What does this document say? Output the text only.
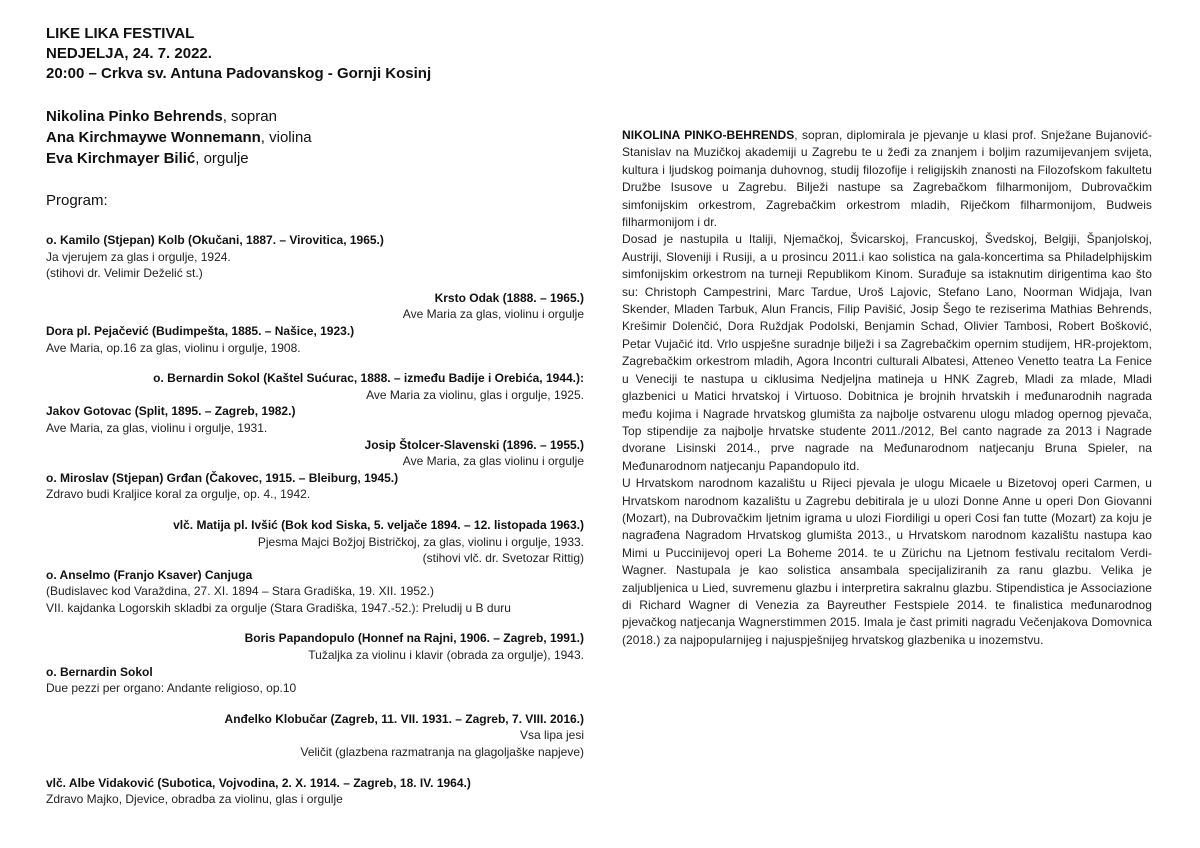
LIKE LIKA FESTIVAL
NEDJELJA, 24. 7. 2022.
20:00 – Crkva sv. Antuna Padovanskog - Gornji Kosinj
Nikolina Pinko Behrends, sopran
Ana Kirchmaywe Wonnemann, violina
Eva Kirchmayer Bilić, orgulje
Program:
o. Kamilo (Stjepan) Kolb (Okučani, 1887. – Virovitica, 1965.)
Ja vjerujem za glas i orgulje, 1924.
(stihovi dr. Velimir Deželić st.)
Krsto Odak (1888. – 1965.)
Ave Maria za glas, violinu i orgulje
Dora pl. Pejačević (Budimpešta, 1885. – Našice, 1923.)
Ave Maria, op.16 za glas, violinu i orgulje, 1908.
o. Bernardin Sokol (Kaštel Sućurac, 1888. – između Badije i Orebića, 1944.):
Ave Maria za violinu, glas i orgulje, 1925.
Jakov Gotovac (Split, 1895. – Zagreb, 1982.)
Ave Maria, za glas, violinu i orgulje, 1931.
Josip Štolcer-Slavenski (1896. – 1955.)
Ave Maria, za glas violinu i orgulje
o. Miroslav (Stjepan) Grđan (Čakovec, 1915. – Bleiburg, 1945.)
Zdravo budi Kraljice koral za orgulje, op. 4., 1942.
vlč. Matija pl. Ivšić (Bok kod Siska, 5. veljače 1894. – 12. listopada 1963.)
Pjesma Majci Božjoj Bistričkoj, za glas, violinu i orgulje, 1933.
(stihovi vlč. dr. Svetozar Rittig)
o. Anselmo (Franjo Ksaver) Canjuga
(Budislavec kod Varaždina, 27. XI. 1894 – Stara Gradiška, 19. XII. 1952.)
VII. kajdanka Logorskih skladbi za orgulje (Stara Gradiška, 1947.-52.): Preludij u B duru
Boris Papandopulo (Honnef na Rajni, 1906. – Zagreb, 1991.)
Tužaljka za violinu i klavir (obrada za orgulje), 1943.
o. Bernardin Sokol
Due pezzi per organo: Andante religioso, op.10
Anđelko Klobučar (Zagreb, 11. VII. 1931. – Zagreb, 7. VIII. 2016.)
Vsa lipa jesi
Veličit (glazbena razmatranja na glagoljaške napjeve)
vlč. Albe Vidaković (Subotica, Vojvodina, 2. X. 1914. – Zagreb, 18. IV. 1964.)
Zdravo Majko, Djevice, obradba za violinu, glas i orgulje

NIKOLINA PINKO-BEHRENDS, sopran, diplomirala je pjevanje u klasi prof. Snježane Bujanović-Stanislav na Muzičkoj akademiji u Zagrebu te u žeđi za znanjem i boljim razumijevanjem svijeta, kultura i ljudskog poimanja duhovnog, studij filozofije i religijskih znanosti na Filozofskom fakultetu Družbe Isusove u Zagrebu. Bilježi nastupe sa Zagrebačkom filharmonijom, Dubrovačkim simfonijskim orkestrom, Zagrebačkim orkestrom mladih, Riječkom filharmonijom, Budweis filharmonijom i dr.

Dosad je nastupila u Italiji, Njemačkoj, Švicarskoj, Francuskoj, Švedskoj, Belgiji, Španjolskoj, Austriji, Sloveniji i Rusiji, a u prosincu 2011.i kao solistica na gala-koncertima sa Philadelphijskim simfonijskim orkestrom na turneji Republikom Kinom. Surađuje sa istaknutim dirigentima kao što su: Christoph Campestrini, Marc Tardue, Uroš Lajovic, Stefano Lano, Noorman Widjaja, Ivan Skender, Mladen Tarbuk, Alun Francis, Filip Pavišić, Josip Šego te reziserima Mathias Behrends, Krešimir Dolenčić, Dora Ruždjak Podolski, Benjamin Schad, Olivier Tambosi, Robert Bošković, Petar Vujačić itd. Vrlo uspješne suradnje bilježi i sa Zagrebačkim opernim studijem, HR-projektom, Zagrebačkim orkestrom mladih, Agora Incontri culturali Albatesi, Atteneo Venetto teatra La Fenice u Veneciji te nastupa u ciklusima Nedjeljna matineja u HNK Zagreb, Mladi za mlade, Mladi glazbenici u Matici hrvatskoj i Virtuoso. Dobitnica je brojnih hrvatskih i međunarodnih nagrada među kojima i Nagrade hrvatskog glumišta za najbolje ostvarenu ulogu mladog opernog pjevača, Top stipendije za najbolje hrvatske studente 2011./2012, Bel canto nagrade za 2013 i Nagrade dvorane Lisinski 2014., prve nagrade na Međunarodnom natjecanju Bruna Spieler, na Međunarodnom natjecanju Papandopulo itd.

U Hrvatskom narodnom kazalištu u Rijeci pjevala je ulogu Micaele u Bizetovoj operi Carmen, u Hrvatskom narodnom kazalištu u Zagrebu debitirala je u ulozi Donne Anne u operi Don Giovanni (Mozart), na Dubrovačkim ljetnim igrama u ulozi Fiordiligi u operi Cosi fan tutte (Mozart) za koju je nagrađena Nagradom Hrvatskog glumišta 2013., u Hrvatskom narodnom kazalištu nastupa kao Mimi u Puccinijevoj operi La Boheme 2014. te u Zürichu na Ljetnom festivalu recitalom Verdi-Wagner. Nastupala je kao solistica ansambala specijaliziranih za ranu glazbu. Velika je zaljubljenica u Lied, suvremenu glazbu i interpretira sakralnu glazbu. Stipendistica je Associazione di Richard Wagner di Venezia za Bayreuther Festspiele 2014. te finalistica međunarodnog pjevačkog natjecanja Wagnerstimmen 2015. Imala je čast primiti nagradu Večenjakova Domovnica (2018.) za najpopularnijeg i najuspješnijeg hrvatskog glazbenika u inozemstvu.
